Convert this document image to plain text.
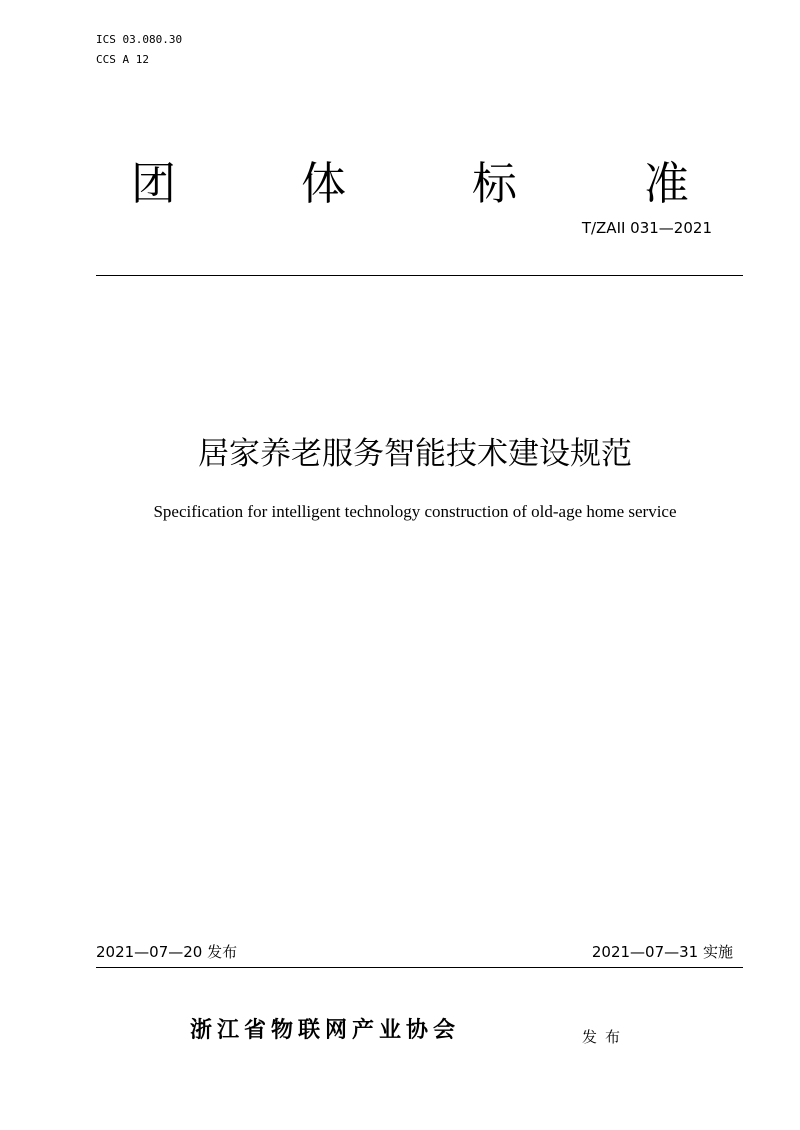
ICS 03.080.30
CCS A 12
团	体	标	准
T/ZAII 031—2021
居家养老服务智能技术建设规范
Specification for intelligent technology construction of old-age home service
2021—07—20 发布	2021—07—31 实施
浙江省物联网产业协会	发布
